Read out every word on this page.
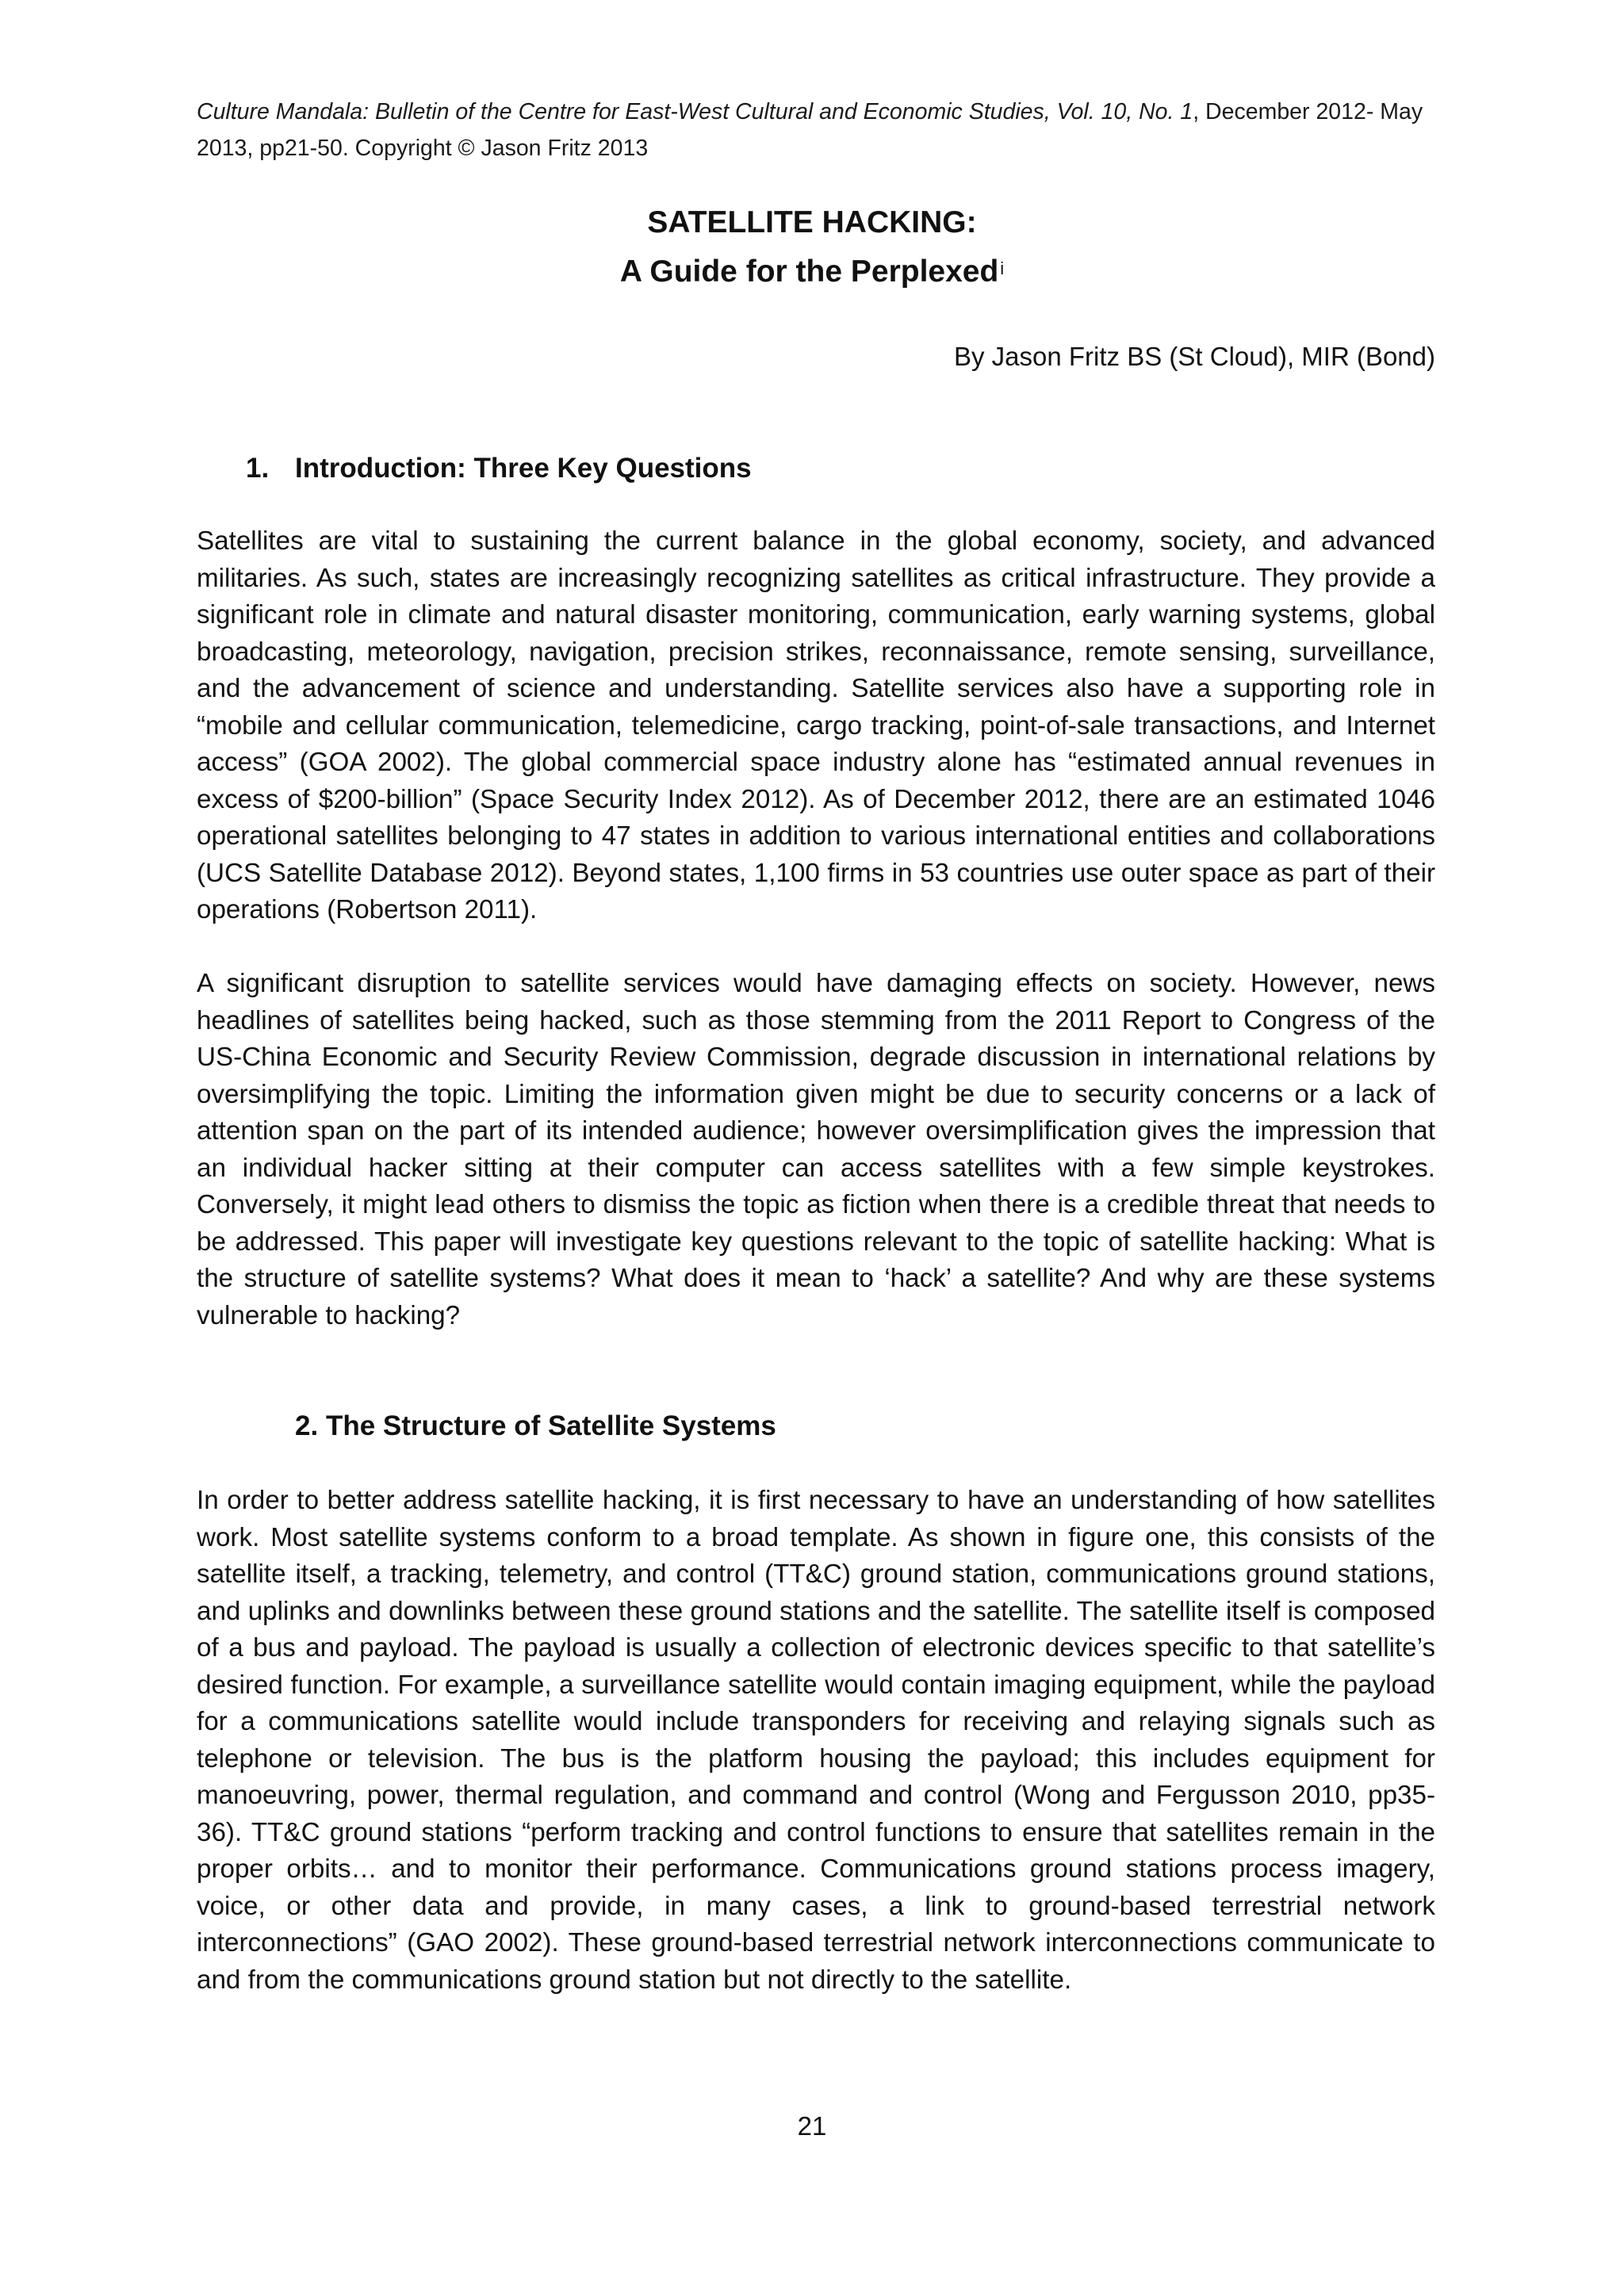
Culture Mandala: Bulletin of the Centre for East-West Cultural and Economic Studies, Vol. 10, No. 1, December 2012- May 2013, pp21-50. Copyright © Jason Fritz 2013
SATELLITE HACKING:
A Guide for the Perplexed$^i$
By Jason Fritz BS (St Cloud), MIR (Bond)
1. Introduction: Three Key Questions

Satellites are vital to sustaining the current balance in the global economy, society, and advanced militaries. As such, states are increasingly recognizing satellites as critical infrastructure. They provide a significant role in climate and natural disaster monitoring, communication, early warning systems, global broadcasting, meteorology, navigation, precision strikes, reconnaissance, remote sensing, surveillance, and the advancement of science and understanding. Satellite services also have a supporting role in “mobile and cellular communication, telemedicine, cargo tracking, point-of-sale transactions, and Internet access” (GOA 2002). The global commercial space industry alone has “estimated annual revenues in excess of $200-billion” (Space Security Index 2012). As of December 2012, there are an estimated 1046 operational satellites belonging to 47 states in addition to various international entities and collaborations (UCS Satellite Database 2012). Beyond states, 1,100 firms in 53 countries use outer space as part of their operations (Robertson 2011).

A significant disruption to satellite services would have damaging effects on society. However, news headlines of satellites being hacked, such as those stemming from the 2011 Report to Congress of the US-China Economic and Security Review Commission, degrade discussion in international relations by oversimplifying the topic. Limiting the information given might be due to security concerns or a lack of attention span on the part of its intended audience; however oversimplification gives the impression that an individual hacker sitting at their computer can access satellites with a few simple keystrokes. Conversely, it might lead others to dismiss the topic as fiction when there is a credible threat that needs to be addressed. This paper will investigate key questions relevant to the topic of satellite hacking: What is the structure of satellite systems? What does it mean to ‘hack’ a satellite? And why are these systems vulnerable to hacking?

2. The Structure of Satellite Systems

In order to better address satellite hacking, it is first necessary to have an understanding of how satellites work. Most satellite systems conform to a broad template. As shown in figure one, this consists of the satellite itself, a tracking, telemetry, and control (TT&C) ground station, communications ground stations, and uplinks and downlinks between these ground stations and the satellite. The satellite itself is composed of a bus and payload. The payload is usually a collection of electronic devices specific to that satellite’s desired function. For example, a surveillance satellite would contain imaging equipment, while the payload for a communications satellite would include transponders for receiving and relaying signals such as telephone or television. The bus is the platform housing the payload; this includes equipment for manoeuvring, power, thermal regulation, and command and control (Wong and Fergusson 2010, pp35-36). TT&C ground stations “perform tracking and control functions to ensure that satellites remain in the proper orbits… and to monitor their performance. Communications ground stations process imagery, voice, or other data and provide, in many cases, a link to ground-based terrestrial network interconnections” (GAO 2002). These ground-based terrestrial network interconnections communicate to and from the communications ground station but not directly to the satellite.

21
